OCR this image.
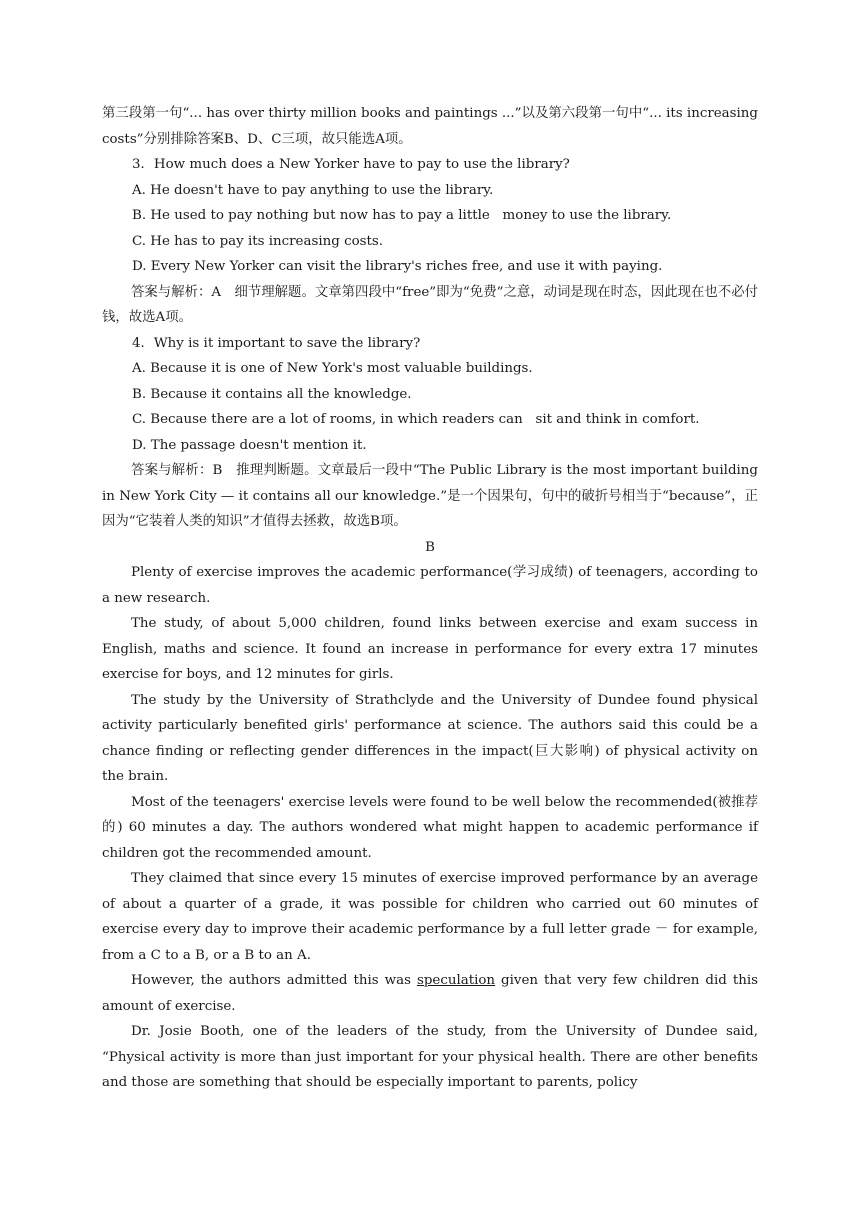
第三段第一句“... has over thirty million books and paintings ...”以及第六段第一句中“... its increasing costs”分别排除答案B、D、C三项，故只能选A项。

3．How much does a New Yorker have to pay to use the library?

A. He doesn't have to pay anything to use the library.

B. He used to pay nothing but now has to pay a little   money to use the library.

C. He has to pay its increasing costs.

D. Every New Yorker can visit the library's riches free, and use it with paying.

答案与解析：A　细节理解题。文章第四段中“free”即为“免费”之意，动词是现在时态，因此现在也不必付钱，故选A项。

4．Why is it important to save the library?

A. Because it is one of New York's most valuable buildings.

B. Because it contains all the knowledge.

C. Because there are a lot of rooms, in which readers can   sit and think in comfort.

D. The passage doesn't mention it.

答案与解析：B　推理判断题。文章最后一段中“The Public Library is the most important building in New York City — it contains all our knowledge.”是一个因果句，句中的破折号相当于“because”，正因为“它装着人类的知识”才值得去拯救，故选B项。

B

Plenty of exercise improves the academic performance(学习成绩) of teenagers, according to a new research.

The study, of about 5,000 children, found links between exercise and exam success in English, maths and science. It found an increase in performance for every extra 17 minutes exercise for boys, and 12 minutes for girls.

The study by the University of Strathclyde and the University of Dundee found physical activity particularly benefited girls' performance at science. The authors said this could be a chance finding or reflecting gender differences in the impact(巨大影响) of physical activity on the brain.

Most of the teenagers' exercise levels were found to be well below the recommended(被推荐的) 60 minutes a day. The authors wondered what might happen to academic performance if children got the recommended amount.

They claimed that since every 15 minutes of exercise improved performance by an average of about a quarter of a grade, it was possible for children who carried out 60 minutes of exercise every day to improve their academic performance by a full letter grade － for example, from a C to a B, or a B to an A.

However, the authors admitted this was speculation given that very few children did this amount of exercise.

Dr. Josie Booth, one of the leaders of the study, from the University of Dundee said, “Physical activity is more than just important for your physical health. There are other benefits and those are something that should be especially important to parents, policy
